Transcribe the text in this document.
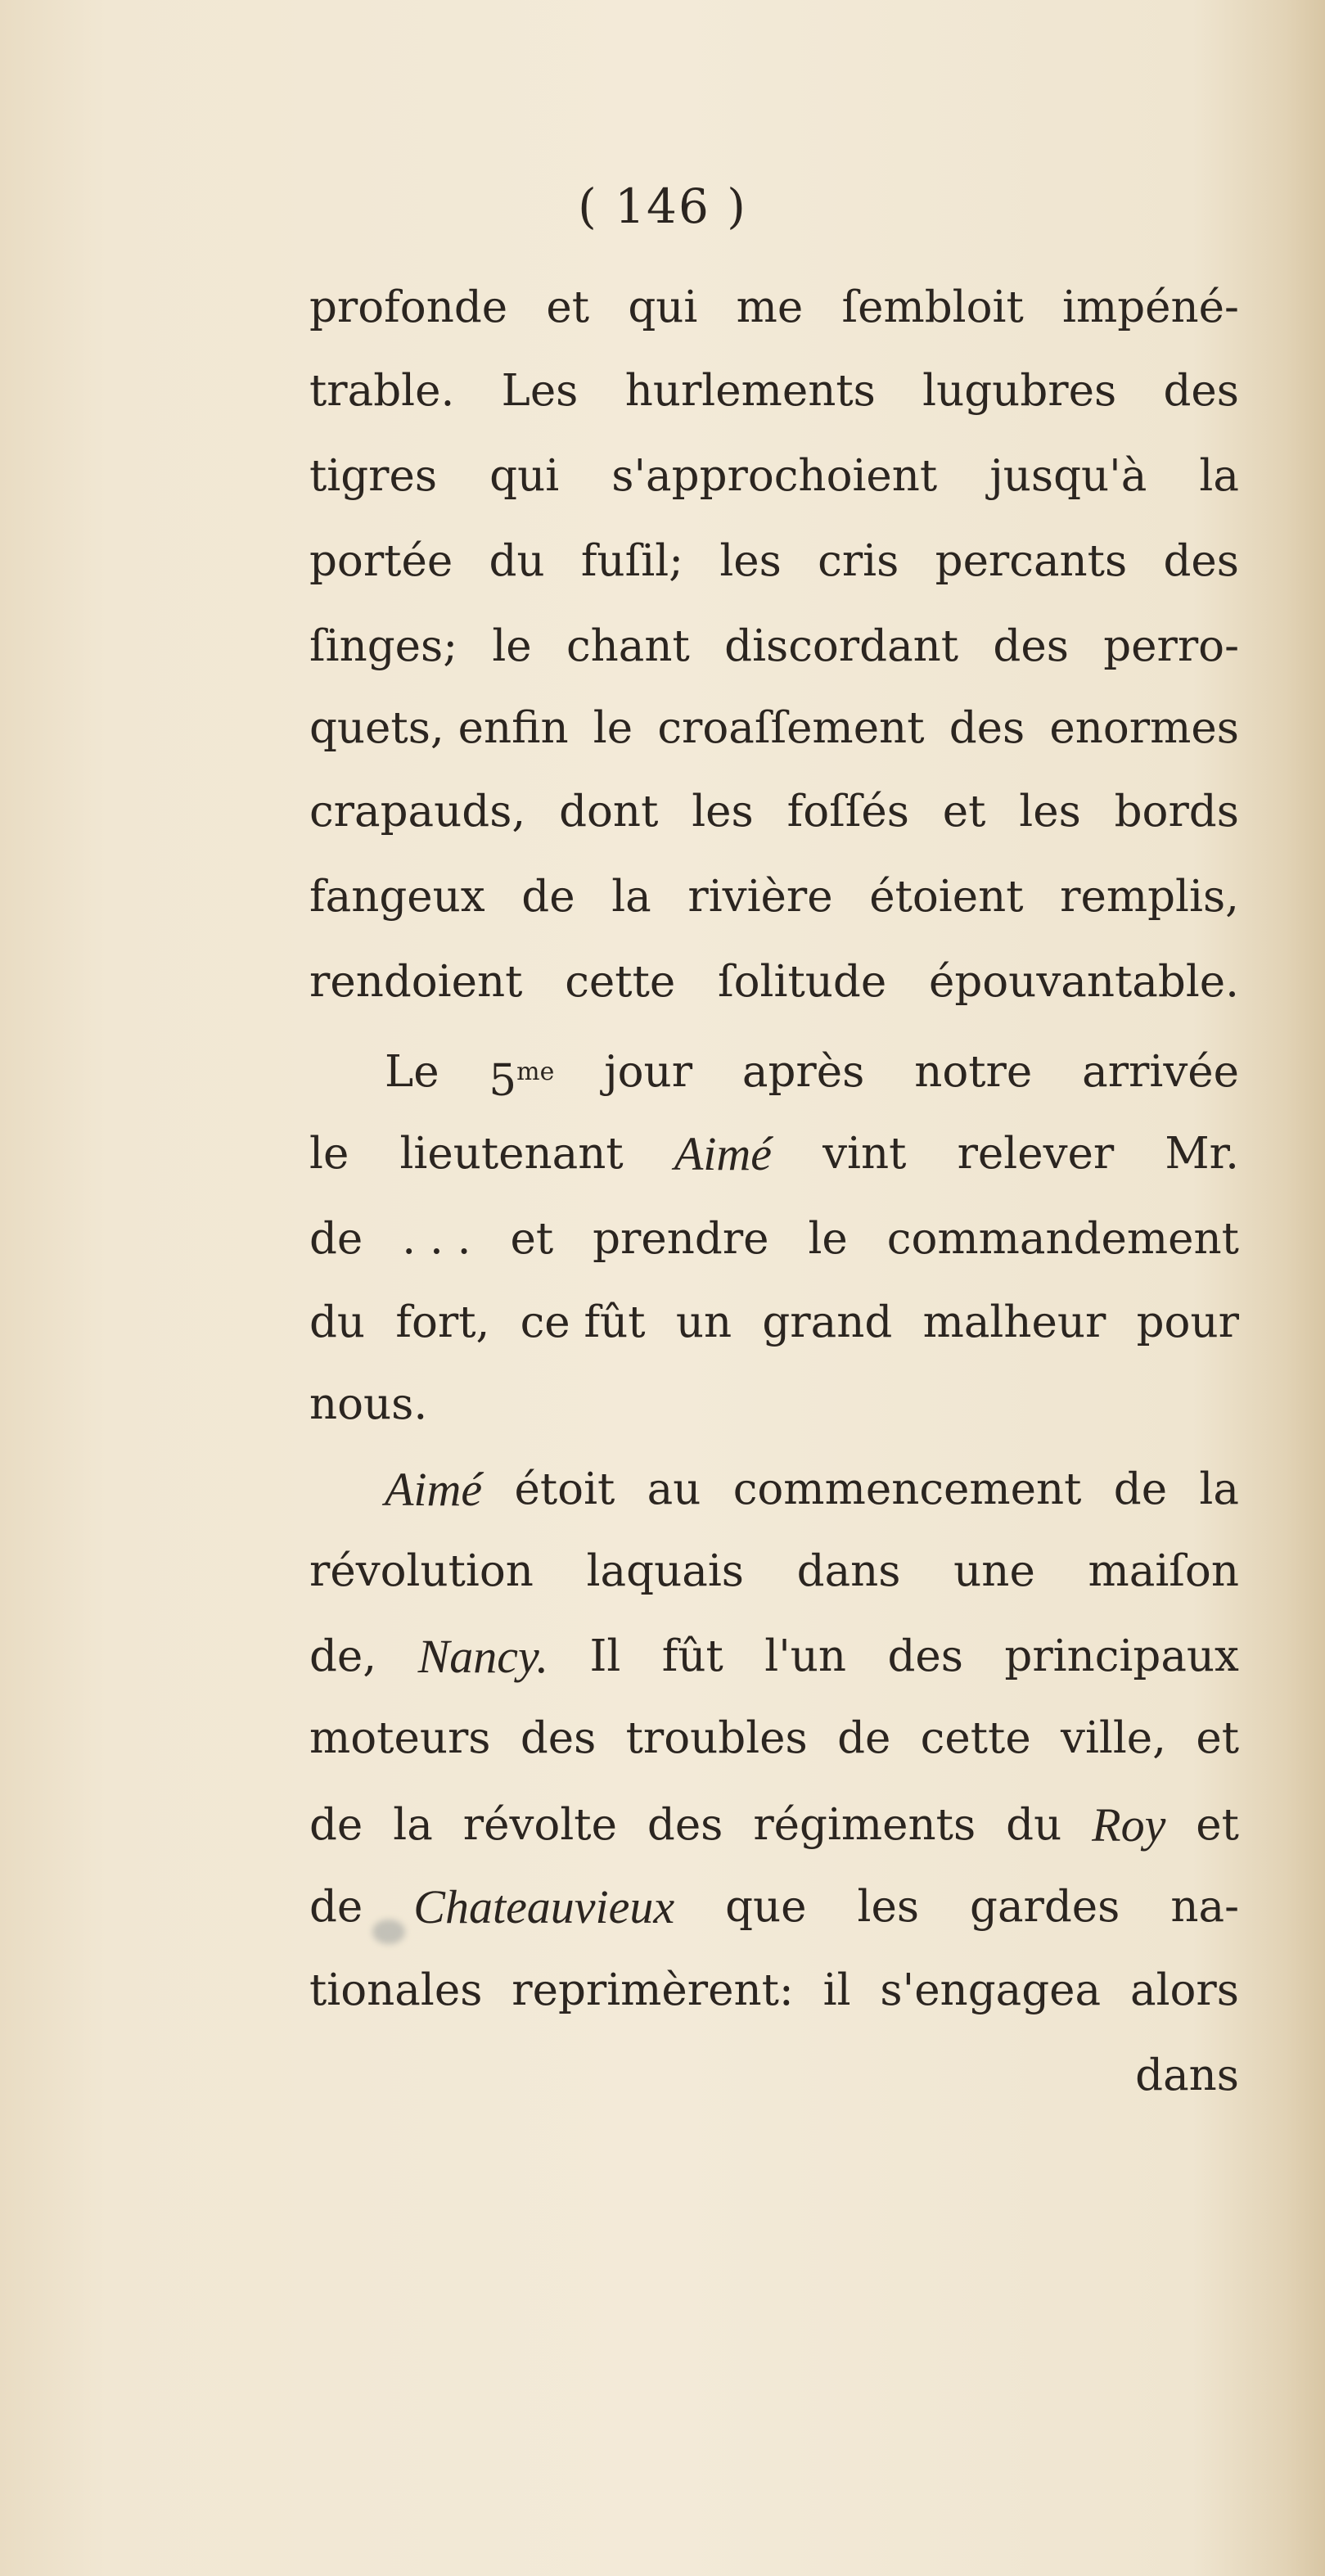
( 146 )
profonde et qui me ſembloit impéné-
trable. Les hurlements lugubres des
tigres qui s'approchoient jusqu'à la
portée du fuſil; les cris percants des
ſinges; le chant discordant des perro-
quets, enfin le croaſſement des enormes
crapauds, dont les foſſés et les bords
fangeux de la rivière étoient remplis,
rendoient cette ſolitude épouvantable.
Le $5^{me}$ jour après notre arrivée
le lieutenant Aimé vint relever Mr.
de . . . et prendre le commandement
du fort, ce fût un grand malheur pour
nous.
Aimé étoit au commencement de la
révolution laquais dans une maiſon
de, Nancy. Il fût l'un des principaux
moteurs des troubles de cette ville, et
de la révolte des régiments du Roy et
de Chateauvieux que les gardes na-
tionales reprimèrent: il s'engagea alors
dans
